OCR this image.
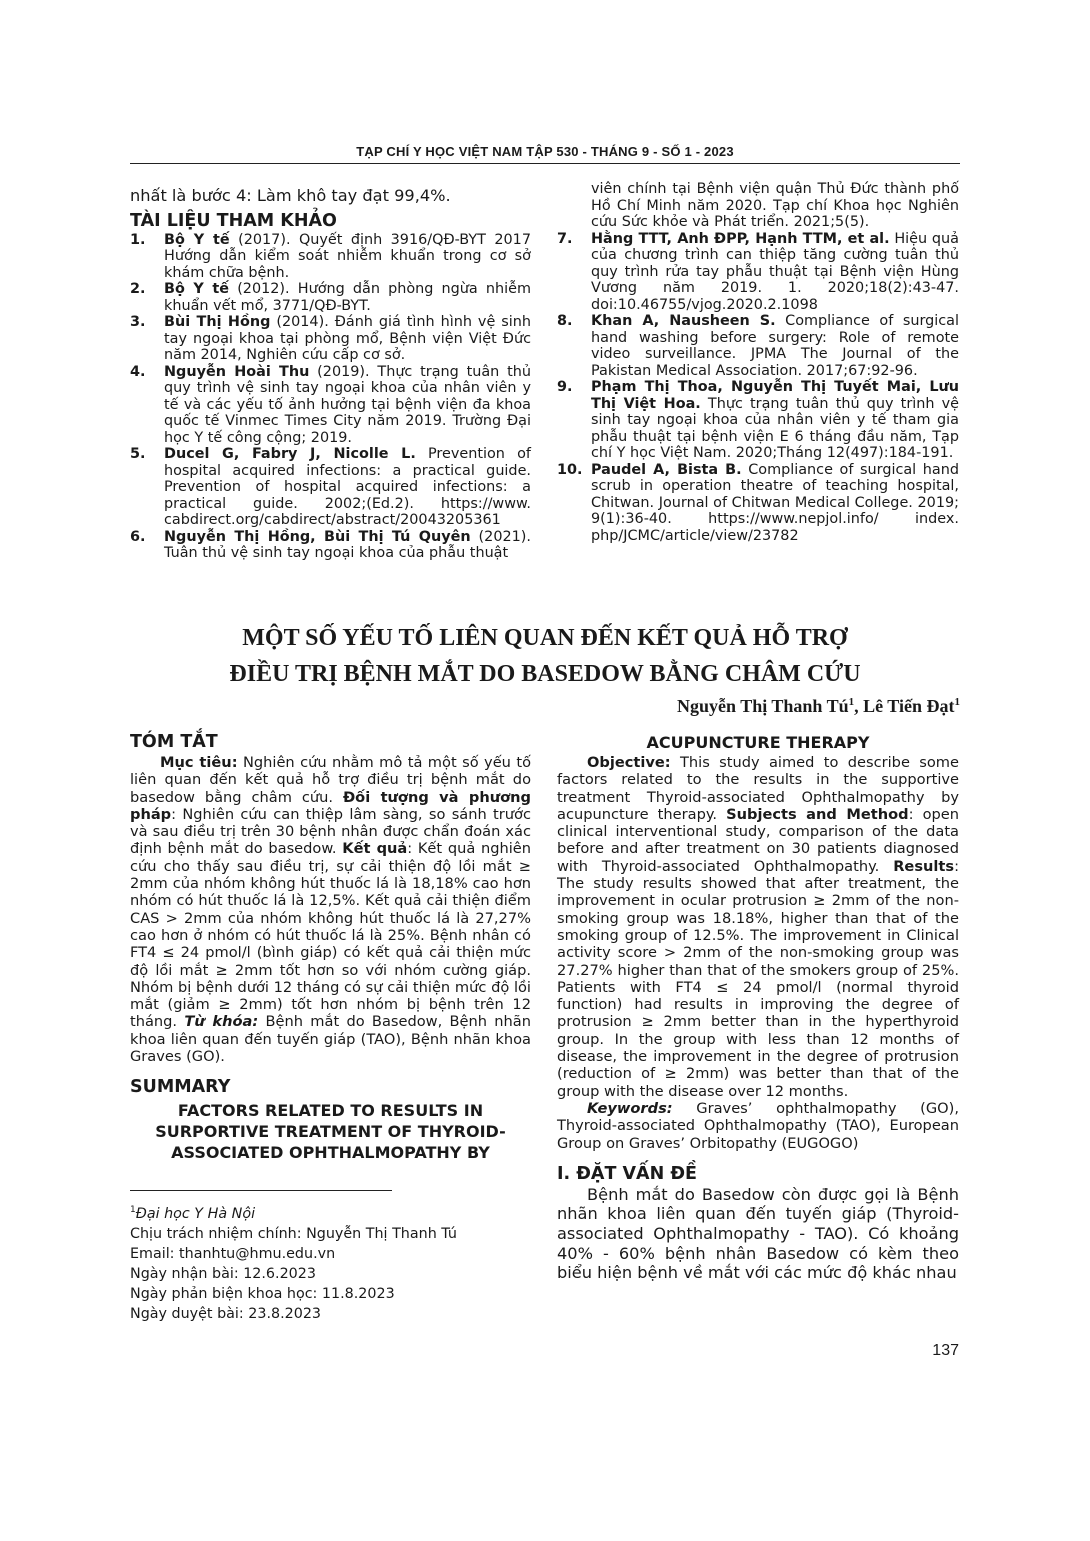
TẠP CHÍ Y HỌC VIỆT NAM TẬP 530 - THÁNG 9 - SỐ 1 - 2023

nhất là bước 4: Làm khô tay đạt 99,4%.

TÀI LIỆU THAM KHẢO

1. Bộ Y tế (2017). Quyết định 3916/QĐ-BYT 2017 Hướng dẫn kiểm soát nhiễm khuẩn trong cơ sở khám chữa bệnh.
2. Bộ Y tế (2012). Hướng dẫn phòng ngừa nhiễm khuẩn vết mổ, 3771/QĐ-BYT.
3. Bùi Thị Hồng (2014). Đánh giá tình hình vệ sinh tay ngoại khoa tại phòng mổ, Bệnh viện Việt Đức năm 2014, Nghiên cứu cấp cơ sở.
4. Nguyễn Hoài Thu (2019). Thực trạng tuân thủ quy trình vệ sinh tay ngoại khoa của nhân viên y tế và các yếu tố ảnh hưởng tại bệnh viện đa khoa quốc tế Vinmec Times City năm 2019. Trường Đại học Y tế công cộng; 2019.
5. Ducel G, Fabry J, Nicolle L. Prevention of hospital acquired infections: a practical guide. Prevention of hospital acquired infections: a practical guide. 2002;(Ed.2). https://www. cabdirect.org/cabdirect/abstract/20043205361
6. Nguyễn Thị Hồng, Bùi Thị Tú Quyên (2021). Tuân thủ vệ sinh tay ngoại khoa của phẫu thuật
viên chính tại Bệnh viện quận Thủ Đức thành phố Hồ Chí Minh năm 2020. Tạp chí Khoa học Nghiên cứu Sức khỏe và Phát triển. 2021;5(5).
7. Hằng TTT, Anh ĐPP, Hạnh TTM, et al. Hiệu quả của chương trình can thiệp tăng cường tuân thủ quy trình rửa tay phẫu thuật tại Bệnh viện Hùng Vương năm 2019. 1. 2020;18(2):43-47. doi:10.46755/vjog.2020.2.1098
8. Khan A, Nausheen S. Compliance of surgical hand washing before surgery: Role of remote video surveillance. JPMA The Journal of the Pakistan Medical Association. 2017;67:92-96.
9. Phạm Thị Thoa, Nguyễn Thị Tuyết Mai, Lưu Thị Việt Hoa. Thực trạng tuân thủ quy trình vệ sinh tay ngoại khoa của nhân viên y tế tham gia phẫu thuật tại bệnh viện E 6 tháng đầu năm, Tạp chí Y học Việt Nam. 2020;Tháng 12(497):184-191.
10. Paudel A, Bista B. Compliance of surgical hand scrub in operation theatre of teaching hospital, Chitwan. Journal of Chitwan Medical College. 2019; 9(1):36-40. https://www.nepjol.info/ index. php/JCMC/article/view/23782
MỘT SỐ YẾU TỐ LIÊN QUAN ĐẾN KẾT QUẢ HỖ TRỢ
ĐIỀU TRỊ BỆNH MẮT DO BASEDOW BẰNG CHÂM CỨU
Nguyễn Thị Thanh $Tú^1$, Lê Tiến Đạt$^1$

TÓM TẮT

Mục tiêu: Nghiên cứu nhằm mô tả một số yếu tố liên quan đến kết quả hỗ trợ điều trị bệnh mắt do basedow bằng châm cứu. Đối tượng và phương pháp: Nghiên cứu can thiệp lâm sàng, so sánh trước và sau điều trị trên 30 bệnh nhân được chẩn đoán xác định bệnh mắt do basedow. Kết quả: Kết quả nghiên cứu cho thấy sau điều trị, sự cải thiện độ lồi mắt ≥ 2mm của nhóm không hút thuốc lá là 18,18% cao hơn nhóm có hút thuốc lá là 12,5%. Kết quả cải thiện điểm CAS > 2mm của nhóm không hút thuốc lá là 27,27% cao hơn ở nhóm có hút thuốc lá là 25%. Bệnh nhân có FT4 ≤ 24 pmol/l (bình giáp) có kết quả cải thiện mức độ lồi mắt ≥ 2mm tốt hơn so với nhóm cường giáp. Nhóm bị bệnh dưới 12 tháng có sự cải thiện mức độ lồi mắt (giảm ≥ 2mm) tốt hơn nhóm bị bệnh trên 12 tháng. Từ khóa: Bệnh mắt do Basedow, Bệnh nhãn khoa liên quan đến tuyến giáp (TAO), Bệnh nhãn khoa Graves (GO).

SUMMARY

FACTORS RELATED TO RESULTS IN
SURPORTIVE TREATMENT OF THYROID-
ASSOCIATED OPHTHALMOPATHY BY
$^1$Đại học Y Hà Nội
Chịu trách nhiệm chính: Nguyễn Thị Thanh Tú
Email: thanhtu@hmu.edu.vn
Ngày nhận bài: 12.6.2023
Ngày phản biện khoa học: 11.8.2023
Ngày duyệt bài: 23.8.2023
ACUPUNCTURE THERAPY

Objective: This study aimed to describe some factors related to the results in the supportive treatment Thyroid-associated Ophthalmopathy by acupuncture therapy. Subjects and Method: open clinical interventional study, comparison of the data before and after treatment on 30 patients diagnosed with Thyroid-associated Ophthalmopathy. Results: The study results showed that after treatment, the improvement in ocular protrusion ≥ 2mm of the non-smoking group was 18.18%, higher than that of the smoking group of 12.5%. The improvement in Clinical activity score > 2mm of the non-smoking group was 27.27% higher than that of the smokers group of 25%. Patients with FT4 ≤ 24 pmol/l (normal thyroid function) had results in improving the degree of protrusion ≥ 2mm better than in the hyperthyroid group. In the group with less than 12 months of disease, the improvement in the degree of protrusion (reduction of ≥ 2mm) was better than that of the group with the disease over 12 months.

Keywords: Graves’ ophthalmopathy (GO), Thyroid-associated Ophthalmopathy (TAO), European Group on Graves’ Orbitopathy (EUGOGO)

I. ĐẶT VẤN ĐỀ

Bệnh mắt do Basedow còn được gọi là Bệnh nhãn khoa liên quan đến tuyến giáp (Thyroid-associated Ophthalmopathy - TAO). Có khoảng 40% - 60% bệnh nhân Basedow có kèm theo biểu hiện bệnh về mắt với các mức độ khác nhau

137
